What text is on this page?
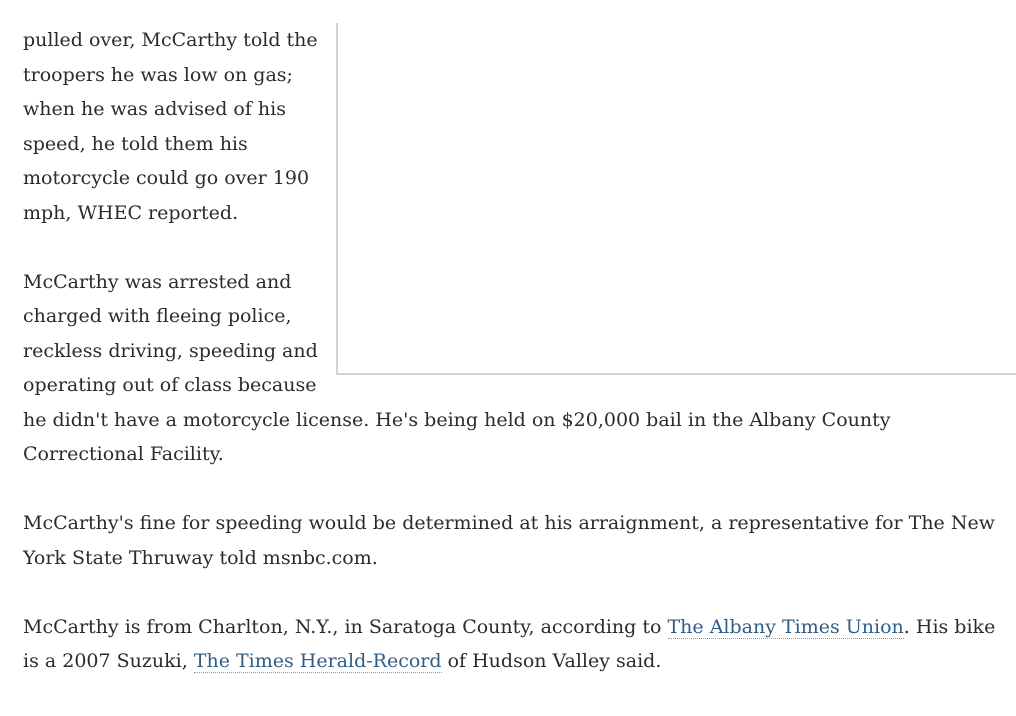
pulled over, McCarthy told the troopers he was low on gas; when he was advised of his speed, he told them his motorcycle could go over 190 mph, WHEC reported.

McCarthy was arrested and charged with fleeing police, reckless driving, speeding and operating out of class because he didn't have a motorcycle license. He's being held on $20,000 bail in the Albany County Correctional Facility.

McCarthy's fine for speeding would be determined at his arraignment, a representative for The New York State Thruway told msnbc.com.

McCarthy is from Charlton, N.Y., in Saratoga County, according to The Albany Times Union. His bike is a 2007 Suzuki, The Times Herald-Record of Hudson Valley said.
